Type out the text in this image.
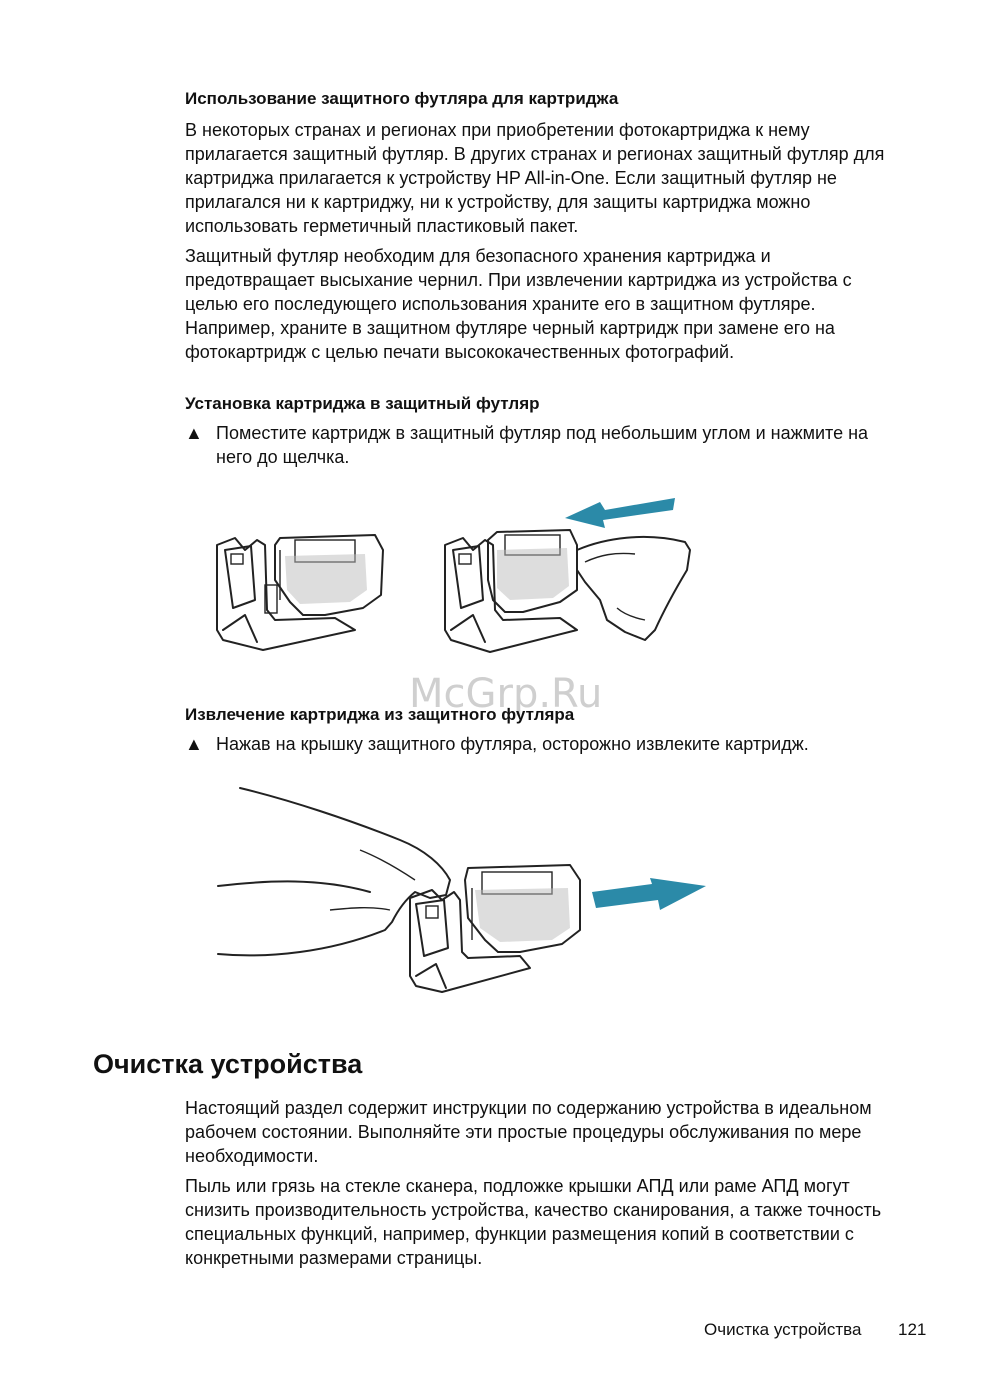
Использование защитного футляра для картриджа
В некоторых странах и регионах при приобретении фотокартриджа к нему
прилагается защитный футляр. В других странах и регионах защитный футляр для
картриджа прилагается к устройству HP All-in-One. Если защитный футляр не
прилагался ни к картриджу, ни к устройству, для защиты картриджа можно
использовать герметичный пластиковый пакет.
Защитный футляр необходим для безопасного хранения картриджа и
предотвращает высыхание чернил. При извлечении картриджа из устройства с
целью его последующего использования храните его в защитном футляре.
Например, храните в защитном футляре черный картридж при замене его на
фотокартридж с целью печати высококачественных фотографий.
Установка картриджа в защитный футляр
▲ Поместите картридж в защитный футляр под небольшим углом и нажмите на
него до щелчка.
McGrp.Ru
Извлечение картриджа из защитного футляра
▲ Нажав на крышку защитного футляра, осторожно извлеките картридж.
Очистка устройства
Настоящий раздел содержит инструкции по содержанию устройства в идеальном
рабочем состоянии. Выполняйте эти простые процедуры обслуживания по мере
необходимости.
Пыль или грязь на стекле сканера, подложке крышки АПД или раме АПД могут
снизить производительность устройства, качество сканирования, а также точность
специальных функций, например, функции размещения копий в соответствии с
конкретными размерами страницы.
Очистка устройства 121
